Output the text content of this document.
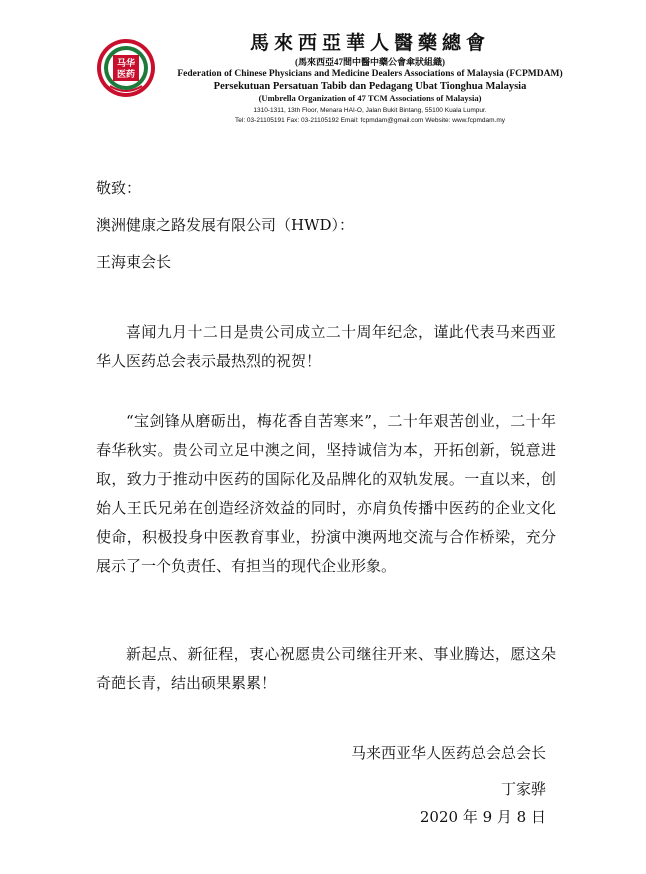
马华
医药
馬來西亞華人醫藥總會
(馬來西亞47間中醫中藥公會傘狀組織)
Federation of Chinese Physicians and Medicine Dealers Associations of Malaysia (FCPMDAM)
Persekutuan Persatuan Tabib dan Pedagang Ubat Tionghua Malaysia
(Umbrella Organization of 47 TCM Associations of Malaysia)
1310-1311, 13th Floor, Menara HAI-O, Jalan Bukit Bintang, 55100 Kuala Lumpur.
Tel: 03-21105191 Fax: 03-21105192 Email: fcpmdam@gmail.com Website: www.fcpmdam.my
敬致：
澳洲健康之路发展有限公司（HWD）：
王海東会长

喜闻九月十二日是贵公司成立二十周年纪念，谨此代表马来西亚华人医药总会表示最热烈的祝贺！

“宝剑锋从磨砺出，梅花香自苦寒来”，二十年艰苦创业，二十年春华秋实。贵公司立足中澳之间，坚持诚信为本，开拓创新，锐意进取，致力于推动中医药的国际化及品牌化的双轨发展。一直以来，创始人王氏兄弟在创造经济效益的同时，亦肩负传播中医药的企业文化使命，积极投身中医教育事业，扮演中澳两地交流与合作桥梁，充分展示了一个负责任、有担当的现代企业形象。

新起点、新征程，衷心祝愿贵公司继往开来、事业腾达，愿这朵奇葩长青，结出硕果累累！

马来西亚华人医药总会总会长
丁家骅
2020 年 9 月 8 日
